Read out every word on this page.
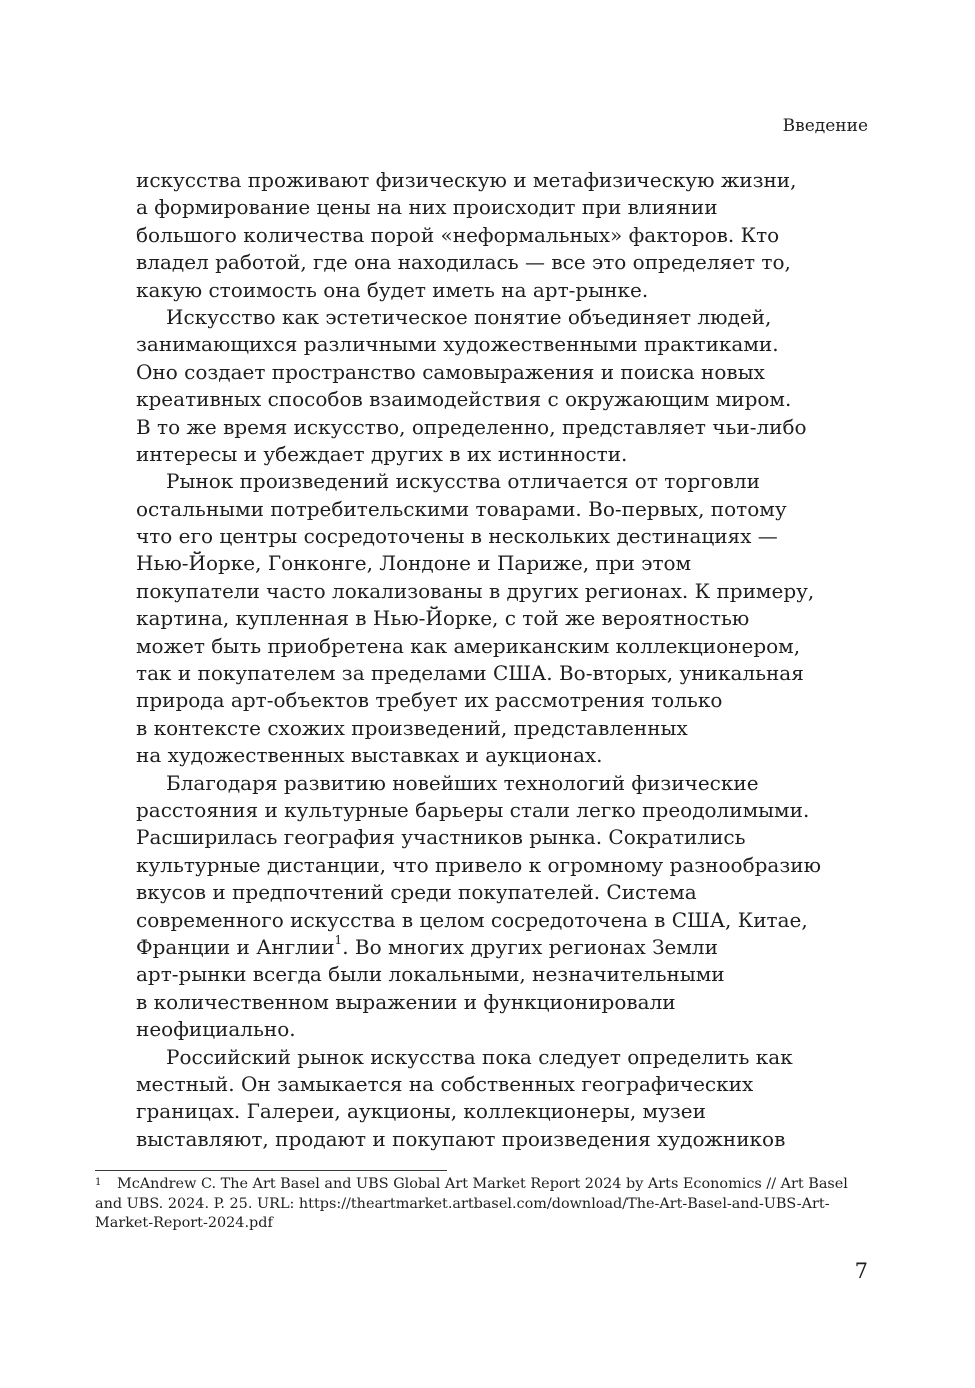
Введение

искусства проживают физическую и метафизическую жизни,
а формирование цены на них происходит при влиянии
большого количества порой «неформальных» факторов. Кто
владел работой, где она находилась — все это определяет то,
какую стоимость она будет иметь на арт-рынке.

Искусство как эстетическое понятие объединяет людей,
занимающихся различными художественными практиками.
Оно создает пространство самовыражения и поиска новых
креативных способов взаимодействия с окружающим миром.
В то же время искусство, определенно, представляет чьи-либо
интересы и убеждает других в их истинности.

Рынок произведений искусства отличается от торговли
остальными потребительскими товарами. Во-первых, потому
что его центры сосредоточены в нескольких дестинациях —
Нью-Йорке, Гонконге, Лондоне и Париже, при этом
покупатели часто локализованы в других регионах. К примеру,
картина, купленная в Нью-Йорке, с той же вероятностью
может быть приобретена как американским коллекционером,
так и покупателем за пределами США. Во-вторых, уникальная
природа арт-объектов требует их рассмотрения только
в контексте схожих произведений, представленных
на художественных выставках и аукционах.

Благодаря развитию новейших технологий физические
расстояния и культурные барьеры стали легко преодолимыми.
Расширилась география участников рынка. Сократились
культурные дистанции, что привело к огромному разнообразию
вкусов и предпочтений среди покупателей. Система
современного искусства в целом сосредоточена в США, Китае,
Франции и Англии$^1$. Во многих других регионах Земли
арт-рынки всегда были локальными, незначительными
в количественном выражении и функционировали
неофициально.

Российский рынок искусства пока следует определить как
местный. Он замыкается на собственных географических
границах. Галереи, аукционы, коллекционеры, музеи
выставляют, продают и покупают произведения художников

1 McAndrew C. The Art Basel and UBS Global Art Market Report 2024 by Arts Economics // Art Basel
and UBS. 2024. P. 25. URL: https://theartmarket.artbasel.com/download/The-Art-Basel-and-UBS-Art-
Market-Report-2024.pdf
7
